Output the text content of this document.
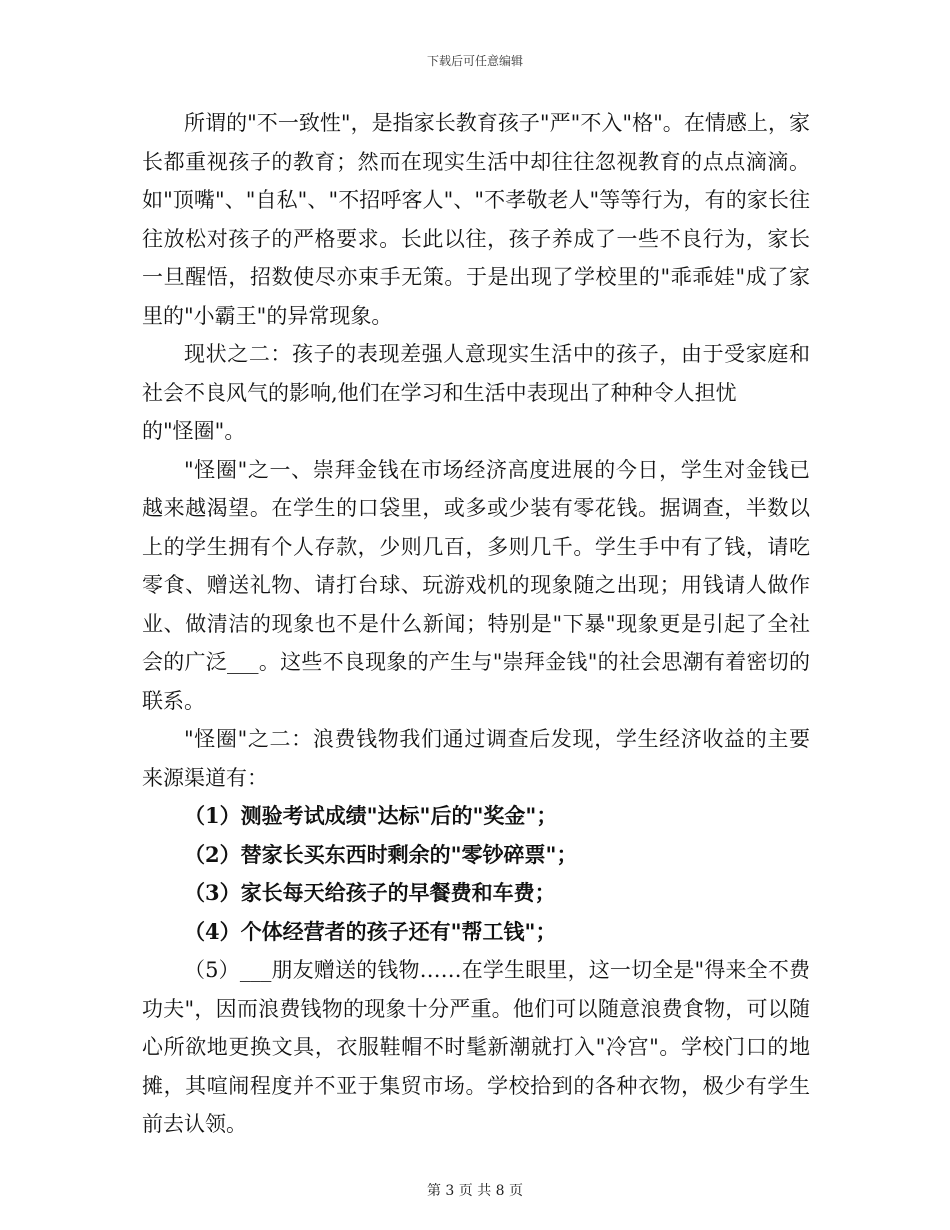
下载后可任意编辑

所谓的"不一致性"，是指家长教育孩子"严"不入"格"。在情感上，家长都重视孩子的教育；然而在现实生活中却往往忽视教育的点点滴滴。如"顶嘴"、"自私"、"不招呼客人"、"不孝敬老人"等等行为，有的家长往往放松对孩子的严格要求。长此以往，孩子养成了一些不良行为，家长一旦醒悟，招数使尽亦束手无策。于是出现了学校里的"乖乖娃"成了家里的"小霸王"的异常现象。

现状之二：孩子的表现差强人意现实生活中的孩子，由于受家庭和社会不良风气的影响,他们在学习和生活中表现出了种种令人担忧

的"怪圈"。

"怪圈"之一、崇拜金钱在市场经济高度进展的今日，学生对金钱已越来越渴望。在学生的口袋里，或多或少装有零花钱。据调查，半数以上的学生拥有个人存款，少则几百，多则几千。学生手中有了钱，请吃零食、赠送礼物、请打台球、玩游戏机的现象随之出现；用钱请人做作业、做清洁的现象也不是什么新闻；特别是"下暴"现象更是引起了全社会的广泛___。这些不良现象的产生与"崇拜金钱"的社会思潮有着密切的联系。

"怪圈"之二：浪费钱物我们通过调查后发现，学生经济收益的主要来源渠道有：

（1）测验考试成绩"达标"后的"奖金"；

（2）替家长买东西时剩余的"零钞碎票"；

（3）家长每天给孩子的早餐费和车费；

（4）个体经营者的孩子还有"帮工钱"；

（5）___朋友赠送的钱物……在学生眼里，这一切全是"得来全不费功夫"，因而浪费钱物的现象十分严重。他们可以随意浪费食物，可以随心所欲地更换文具，衣服鞋帽不时髦新潮就打入"冷宫"。学校门口的地摊，其喧闹程度并不亚于集贸市场。学校拾到的各种衣物，极少有学生前去认领。

第 3 页 共 8 页
